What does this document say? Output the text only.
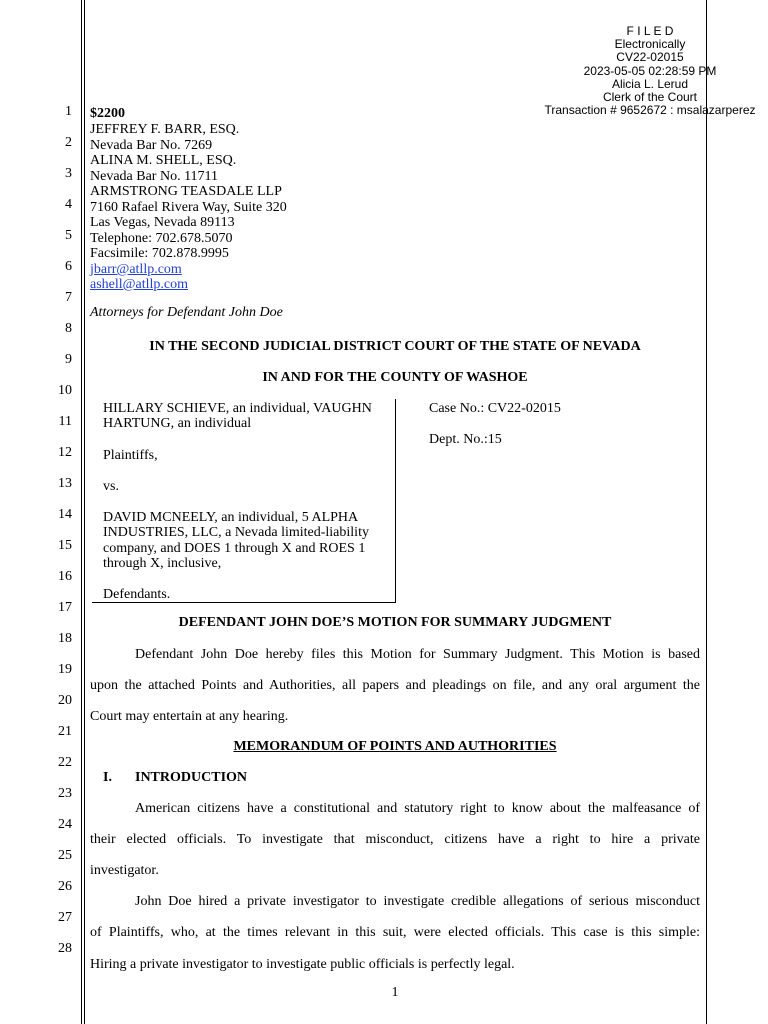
F I L E D
Electronically
CV22-02015
2023-05-05 02:28:59 PM
Alicia L. Lerud
Clerk of the Court
Transaction # 9652672 : msalazarperez
1
2
3
4
5
6
7
8
9
10
11
12
13
14
15
16
17
18
19
20
21
22
23
24
25
26
27
28
$2200
JEFFREY F. BARR, ESQ.
Nevada Bar No. 7269
ALINA M. SHELL, ESQ.
Nevada Bar No. 11711
ARMSTRONG TEASDALE LLP
7160 Rafael Rivera Way, Suite 320
Las Vegas, Nevada 89113
Telephone: 702.678.5070
Facsimile: 702.878.9995
jbarr@atllp.com
ashell@atllp.com
Attorneys for Defendant John Doe
IN THE SECOND JUDICIAL DISTRICT COURT OF THE STATE OF NEVADA
IN AND FOR THE COUNTY OF WASHOE
HILLARY SCHIEVE, an individual, VAUGHN
HARTUNG, an individual
Plaintiffs,
vs.
DAVID MCNEELY, an individual, 5 ALPHA
INDUSTRIES, LLC, a Nevada limited-liability
company, and DOES 1 through X and ROES 1
through X, inclusive,
Defendants.
Case No.: CV22-02015
Dept. No.:15
DEFENDANT JOHN DOE’S MOTION FOR SUMMARY JUDGMENT
Defendant John Doe hereby files this Motion for Summary Judgment. This Motion is based
upon the attached Points and Authorities, all papers and pleadings on file, and any oral argument the
Court may entertain at any hearing.
MEMORANDUM OF POINTS AND AUTHORITIES
I. INTRODUCTION
American citizens have a constitutional and statutory right to know about the malfeasance of
their elected officials. To investigate that misconduct, citizens have a right to hire a private
investigator.
John Doe hired a private investigator to investigate credible allegations of serious misconduct
of Plaintiffs, who, at the times relevant in this suit, were elected officials. This case is this simple:
Hiring a private investigator to investigate public officials is perfectly legal.
1
